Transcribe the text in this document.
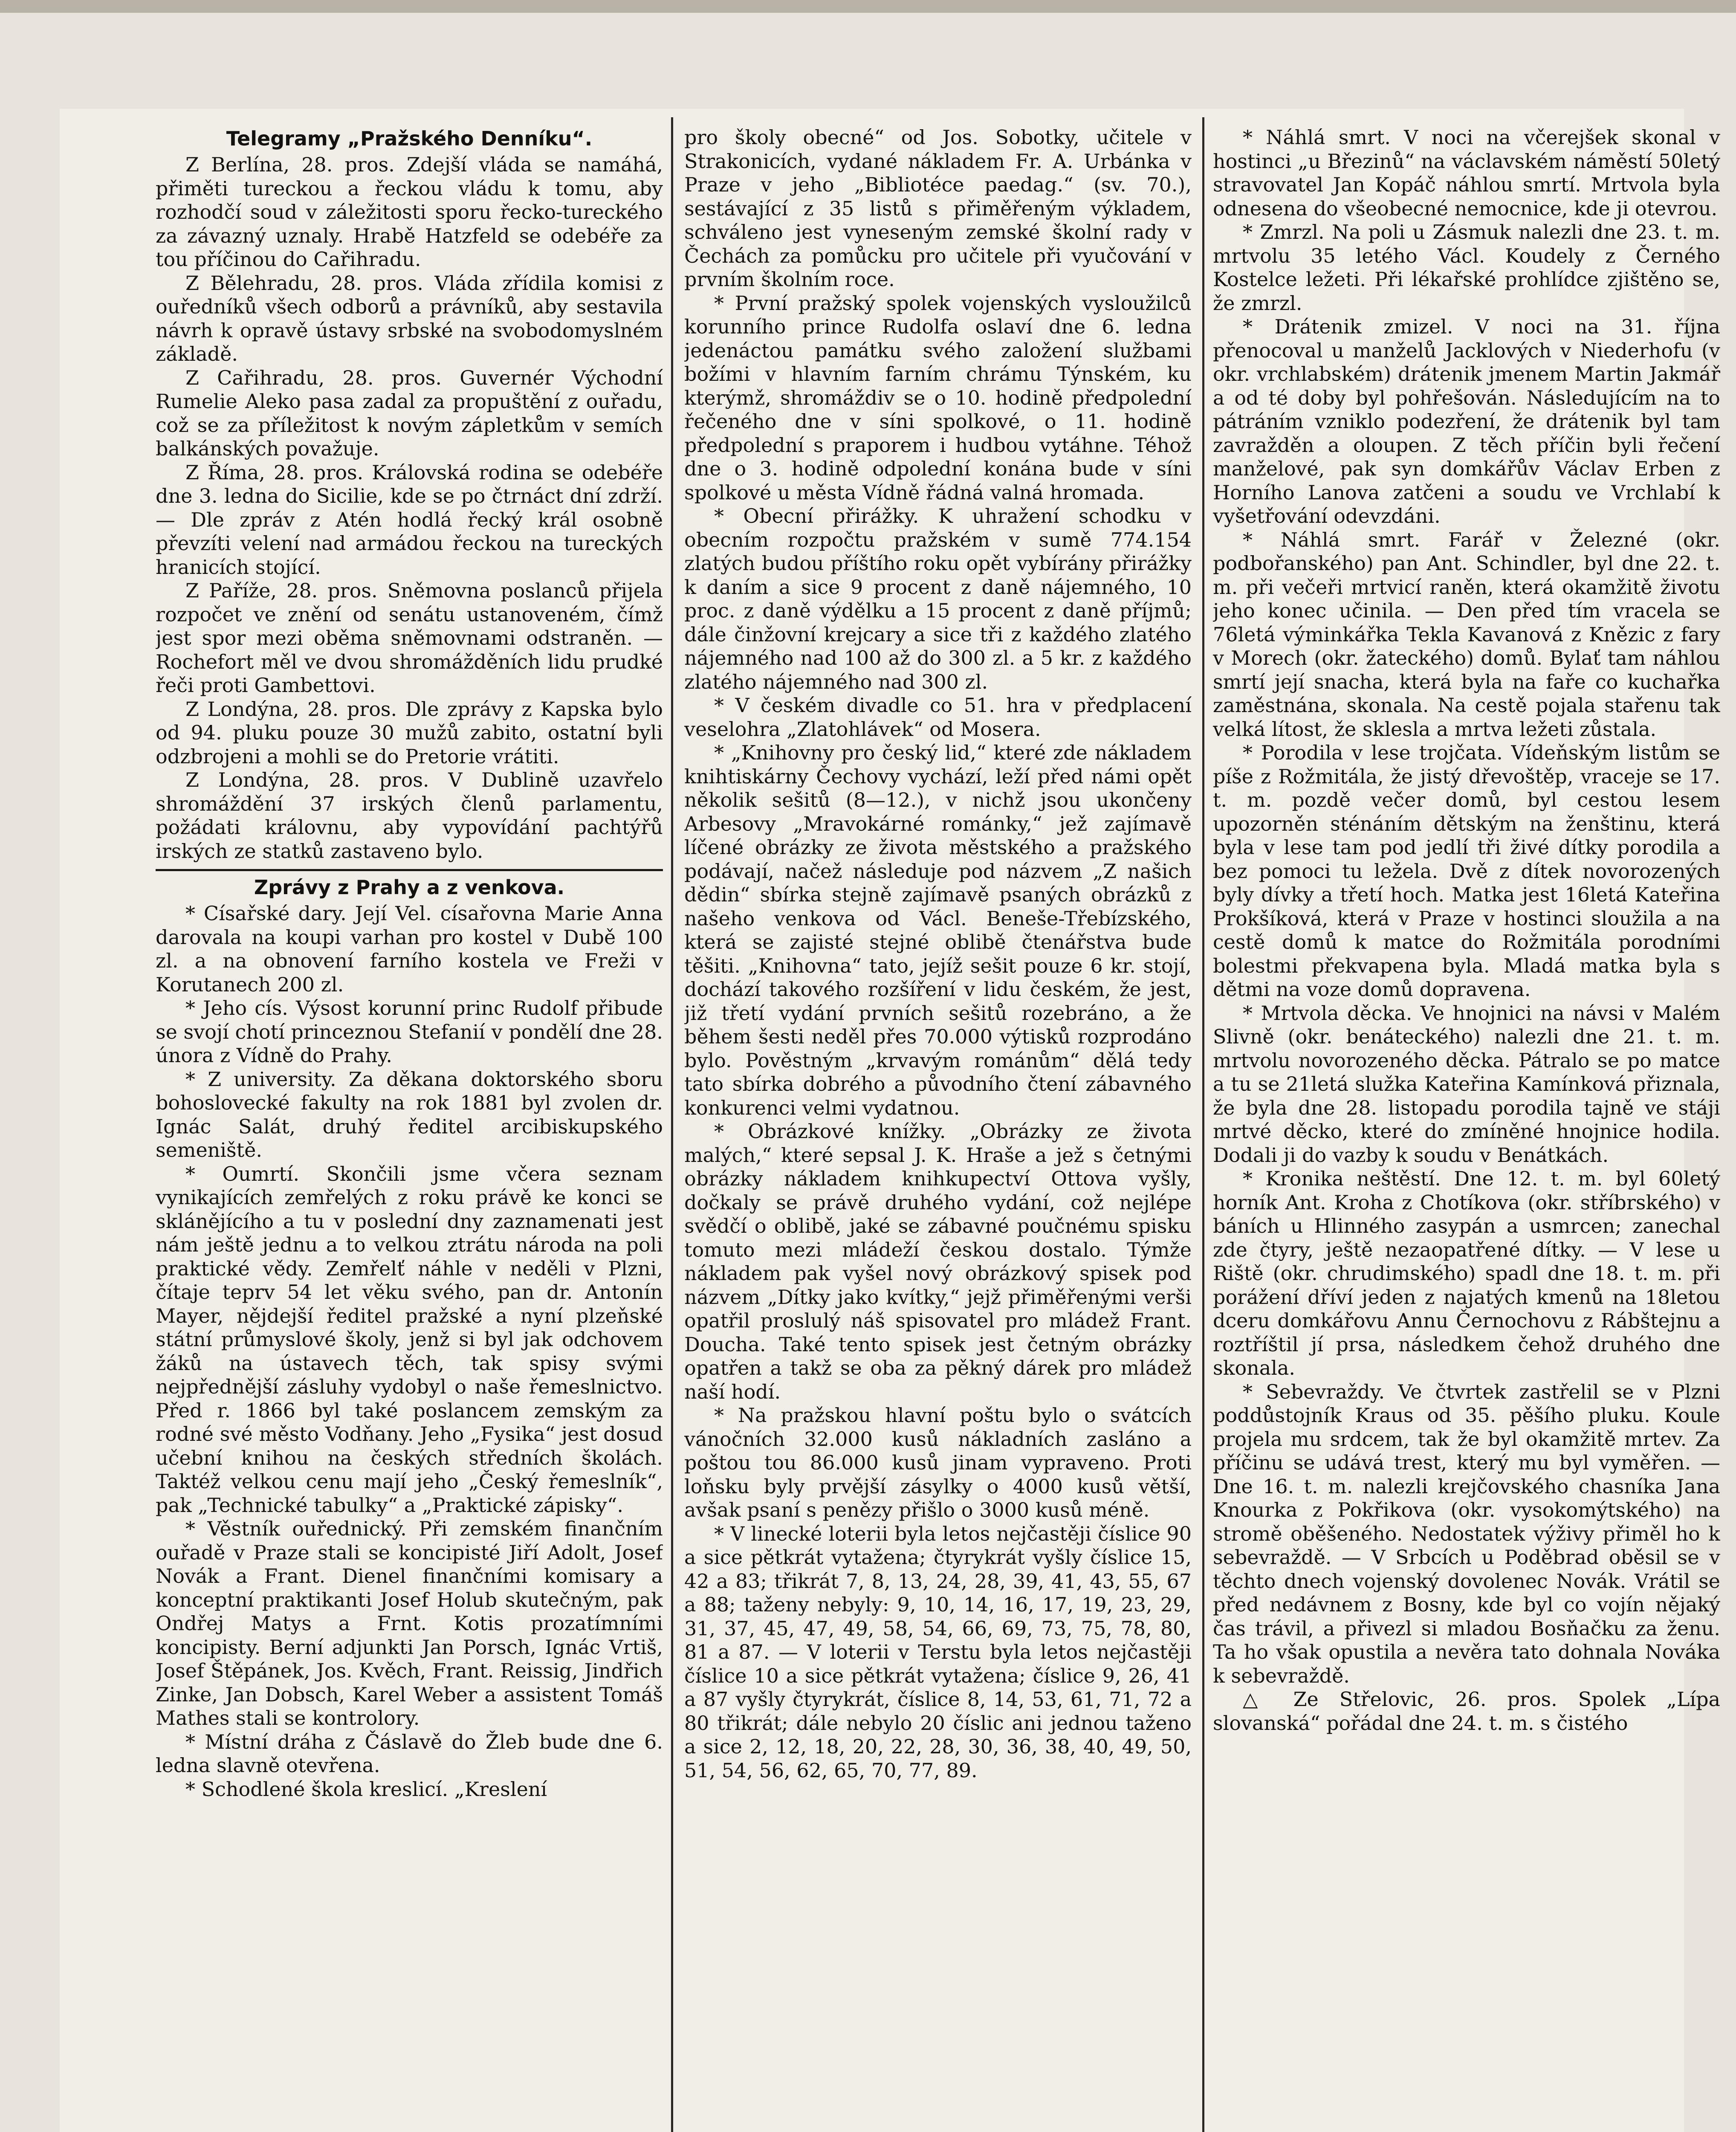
Telegramy „Pražského Denníku“.

Z Berlína, 28. pros. Zdejší vláda se namáhá, přiměti tureckou a řeckou vládu k tomu, aby rozhodčí soud v záležitosti sporu řecko-tureckého za závazný uznaly. Hrabě Hatzfeld se odebéře za tou příčinou do Cařihradu.

Z Bělehradu, 28. pros. Vláda zřídila komisi z ouředníků všech odborů a právníků, aby sestavila návrh k opravě ústavy srbské na svobodomyslném základě.

Z Cařihradu, 28. pros. Guvernér Východní Rumelie Aleko pasa zadal za propuštění z ouřadu, což se za příležitost k novým zápletkům v semích balkánských považuje.

Z Říma, 28. pros. Královská rodina se odebéře dne 3. ledna do Sicilie, kde se po čtrnáct dní zdrží. — Dle zpráv z Atén hodlá řecký král osobně převzíti velení nad armádou řeckou na tureckých hranicích stojící.

Z Paříže, 28. pros. Sněmovna poslanců přijela rozpočet ve znění od senátu ustanoveném, čímž jest spor mezi oběma sněmovnami odstraněn. — Rochefort měl ve dvou shromážděních lidu prudké řeči proti Gambettovi.

Z Londýna, 28. pros. Dle zprávy z Kapska bylo od 94. pluku pouze 30 mužů zabito, ostatní byli odzbrojeni a mohli se do Pretorie vrátiti.

Z Londýna, 28. pros. V Dublině uzavřelo shromáždění 37 irských členů parlamentu, požádati královnu, aby vypovídání pachtýřů irských ze statků zastaveno bylo.

Zprávy z Prahy a z venkova.

* Císařské dary. Její Vel. císařovna Marie Anna darovala na koupi varhan pro kostel v Dubě 100 zl. a na obnovení farního kostela ve Freži v Korutanech 200 zl.

* Jeho cís. Výsost korunní princ Rudolf přibude se svojí chotí princeznou Stefanií v pondělí dne 28. února z Vídně do Prahy.

* Z university. Za děkana doktorského sboru bohoslovecké fakulty na rok 1881 byl zvolen dr. Ignác Salát, druhý ředitel arcibiskupského semeniště.

* Oumrtí. Skončili jsme včera seznam vynikajících zemřelých z roku právě ke konci se sklánějícího a tu v poslední dny zaznamenati jest nám ještě jednu a to velkou ztrátu národa na poli praktické vědy. Zemřelť náhle v neděli v Plzni, čítaje teprv 54 let věku svého, pan dr. Antonín Mayer, nějdejší ředitel pražské a nyní plzeňské státní průmyslové školy, jenž si byl jak odchovem žáků na ústavech těch, tak spisy svými nejpřednější zásluhy vydobyl o naše řemeslnictvo. Před r. 1866 byl také poslancem zemským za rodné své město Vodňany. Jeho „Fysika“ jest dosud učební knihou na českých středních školách. Taktéž velkou cenu mají jeho „Český řemeslník“, pak „Technické tabulky“ a „Praktické zápisky“.

* Věstník ouřednický. Při zemském finančním ouřadě v Praze stali se koncipisté Jiří Adolt, Josef Novák a Frant. Dienel finančními komisary a konceptní praktikanti Josef Holub skutečným, pak Ondřej Matys a Frnt. Kotis prozatímními koncipisty. Berní adjunkti Jan Porsch, Ignác Vrtiš, Josef Štěpánek, Jos. Kvěch, Frant. Reissig, Jindřich Zinke, Jan Dobsch, Karel Weber a assistent Tomáš Mathes stali se kontrolory.

* Místní dráha z Čáslavě do Žleb bude dne 6. ledna slavně otevřena.

* Schodlené škola kreslicí. „Kreslení

pro školy obecné“ od Jos. Sobotky, učitele v Strakonicích, vydané nákladem Fr. A. Urbánka v Praze v jeho „Bibliotéce paedag.“ (sv. 70.), sestávající z 35 listů s přiměřeným výkladem, schváleno jest vyneseným zemské školní rady v Čechách za pomůcku pro učitele při vyučování v prvním školním roce.

* První pražský spolek vojenských vysloužilců korunního prince Rudolfa oslaví dne 6. ledna jedenáctou památku svého založení službami božími v hlavním farním chrámu Týnském, ku kterýmž, shromáždiv se o 10. hodině předpolední řečeného dne v síni spolkové, o 11. hodině předpolední s praporem i hudbou vytáhne. Téhož dne o 3. hodině odpolední konána bude v síni spolkové u města Vídně řádná valná hromada.

* Obecní přirážky. K uhražení schodku v obecním rozpočtu pražském v sumě 774.154 zlatých budou příštího roku opět vybírány přirážky k daním a sice 9 procent z daně nájemného, 10 proc. z daně výdělku a 15 procent z daně příjmů; dále činžovní krejcary a sice tři z každého zlatého nájemného nad 100 až do 300 zl. a 5 kr. z každého zlatého nájemného nad 300 zl.

* V českém divadle co 51. hra v předplacení veselohra „Zlatohlávek“ od Mosera.

* „Knihovny pro český lid,“ které zde nákladem knihtiskárny Čechovy vychází, leží před námi opět několik sešitů (8—12.), v nichž jsou ukončeny Arbesovy „Mravokárné románky,“ jež zajímavě líčené obrázky ze života městského a pražského podávají, načež následuje pod názvem „Z našich dědin“ sbírka stejně zajímavě psaných obrázků z našeho venkova od Václ. Beneše-Třebízského, která se zajisté stejné oblibě čtenářstva bude těšiti. „Knihovna“ tato, jejíž sešit pouze 6 kr. stojí, dochází takového rozšíření v lidu českém, že jest, již třetí vydání prvních sešitů rozebráno, a že během šesti neděl přes 70.000 výtisků rozprodáno bylo. Pověstným „krvavým románům“ dělá tedy tato sbírka dobrého a původního čtení zábavného konkurenci velmi vydatnou.

* Obrázkové knížky. „Obrázky ze života malých,“ které sepsal J. K. Hraše a jež s četnými obrázky nákladem knihkupectví Ottova vyšly, dočkaly se právě druhého vydání, což nejlépe svědčí o oblibě, jaké se zábavné poučnému spisku tomuto mezi mládeží českou dostalo. Týmže nákladem pak vyšel nový obrázkový spisek pod názvem „Dítky jako kvítky,“ jejž přiměřenými verši opatřil proslulý náš spisovatel pro mládež Frant. Doucha. Také tento spisek jest četným obrázky opatřen a takž se oba za pěkný dárek pro mládež naší hodí.

* Na pražskou hlavní poštu bylo o svátcích vánočních 32.000 kusů nákladních zasláno a poštou tou 86.000 kusů jinam vypraveno. Proti loňsku byly prvější zásylky o 4000 kusů větší, avšak psaní s penězy přišlo o 3000 kusů méně.

* V linecké loterii byla letos nejčastěji číslice 90 a sice pětkrát vytažena; čtyrykrát vyšly číslice 15, 42 a 83; třikrát 7, 8, 13, 24, 28, 39, 41, 43, 55, 67 a 88; taženy nebyly: 9, 10, 14, 16, 17, 19, 23, 29, 31, 37, 45, 47, 49, 58, 54, 66, 69, 73, 75, 78, 80, 81 a 87. — V loterii v Terstu byla letos nejčastěji číslice 10 a sice pětkrát vytažena; číslice 9, 26, 41 a 87 vyšly čtyrykrát, číslice 8, 14, 53, 61, 71, 72 a 80 třikrát; dále nebylo 20 číslic ani jednou taženo a sice 2, 12, 18, 20, 22, 28, 30, 36, 38, 40, 49, 50, 51, 54, 56, 62, 65, 70, 77, 89.

* Náhlá smrt. V noci na včerejšek skonal v hostinci „u Březinů“ na václavském náměstí 50letý stravovatel Jan Kopáč náhlou smrtí. Mrtvola byla odnesena do všeobecné nemocnice, kde ji otevrou.

* Zmrzl. Na poli u Zásmuk nalezli dne 23. t. m. mrtvolu 35 letého Václ. Koudely z Černého Kostelce ležeti. Při lékařské prohlídce zjištěno se, že zmrzl.

* Drátenik zmizel. V noci na 31. října přenocoval u manželů Jacklových v Niederhofu (v okr. vrchlabském) drátenik jmenem Martin Jakmář a od té doby byl pohřešován. Následujícím na to pátráním vzniklo podezření, že drátenik byl tam zavražděn a oloupen. Z těch příčin byli řečení manželové, pak syn domkářův Václav Erben z Horního Lanova zatčeni a soudu ve Vrchlabí k vyšetřování odevzdáni.

* Náhlá smrt. Farář v Železné (okr. podbořanského) pan Ant. Schindler, byl dne 22. t. m. při večeři mrtvicí raněn, která okamžitě životu jeho konec učinila. — Den před tím vracela se 76letá výminkářka Tekla Kavanová z Knězic z fary v Morech (okr. žateckého) domů. Bylať tam náhlou smrtí její snacha, která byla na faře co kuchařka zaměstnána, skonala. Na cestě pojala stařenu tak velká lítost, že sklesla a mrtva ležeti zůstala.

* Porodila v lese trojčata. Vídeňským listům se píše z Rožmitála, že jistý dřevoštěp, vraceje se 17. t. m. pozdě večer domů, byl cestou lesem upozorněn sténáním dětským na ženštinu, která byla v lese tam pod jedlí tři živé dítky porodila a bez pomoci tu ležela. Dvě z dítek novorozených byly dívky a třetí hoch. Matka jest 16letá Kateřina Prokšíková, která v Praze v hostinci sloužila a na cestě domů k matce do Rožmitála porodními bolestmi překvapena byla. Mladá matka byla s dětmi na voze domů dopravena.

* Mrtvola děcka. Ve hnojnici na návsi v Malém Slivně (okr. benáteckého) nalezli dne 21. t. m. mrtvolu novorozeného děcka. Pátralo se po matce a tu se 21letá služka Kateřina Kamínková přiznala, že byla dne 28. listopadu porodila tajně ve stáji mrtvé děcko, které do zmíněné hnojnice hodila. Dodali ji do vazby k soudu v Benátkách.

* Kronika neštěstí. Dne 12. t. m. byl 60letý horník Ant. Kroha z Chotíkova (okr. stříbrského) v báních u Hlinného zasypán a usmrcen; zanechal zde čtyry, ještě nezaopatřené dítky. — V lese u Riště (okr. chrudimského) spadl dne 18. t. m. při porážení dříví jeden z najatých kmenů na 18letou dceru domkářovu Annu Černochovu z Rábštejnu a roztříštil jí prsa, následkem čehož druhého dne skonala.

* Sebevraždy. Ve čtvrtek zastřelil se v Plzni poddůstojník Kraus od 35. pěšího pluku. Koule projela mu srdcem, tak že byl okamžitě mrtev. Za příčinu se udává trest, který mu byl vyměřen. — Dne 16. t. m. nalezli krejčovského chasníka Jana Knourka z Pokřikova (okr. vysokomýtského) na stromě oběšeného. Nedostatek výživy přiměl ho k sebevraždě. — V Srbcích u Poděbrad oběsil se v těchto dnech vojenský dovolenec Novák. Vrátil se před nedávnem z Bosny, kde byl co vojín nějaký čas trávil, a přivezl si mladou Bosňačku za ženu. Ta ho však opustila a nevěra tato dohnala Nováka k sebevraždě.

△ Ze Střelovic, 26. pros. Spolek „Lípa slovanská“ pořádal dne 24. t. m. s čistého
